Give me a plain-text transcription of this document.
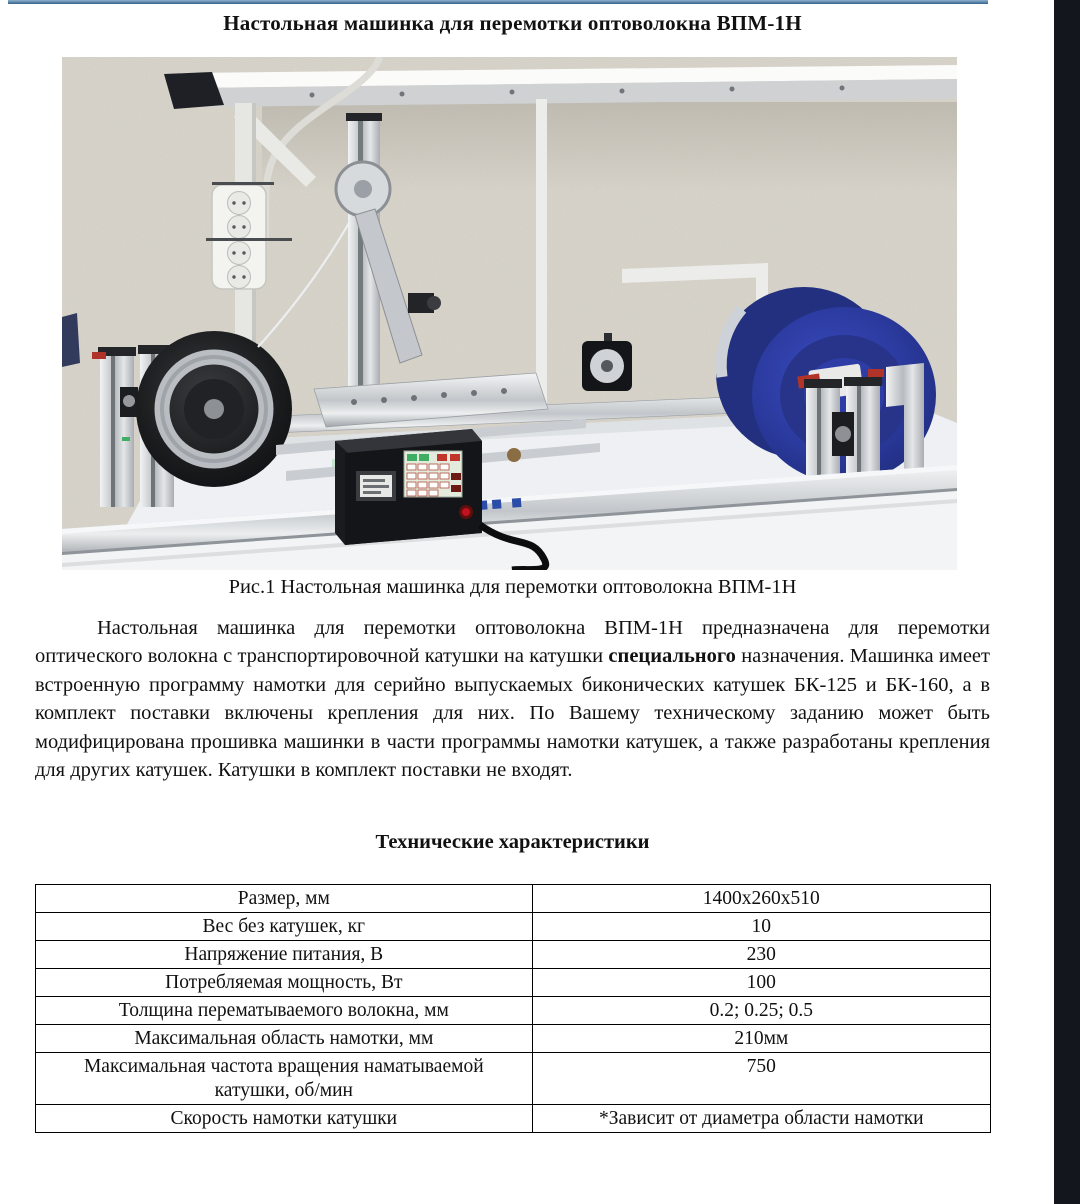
Настольная машинка для перемотки оптоволокна ВПМ-1Н
Рис.1 Настольная машинка для перемотки оптоволокна ВПМ-1Н

Настольная машинка для перемотки оптоволокна ВПМ-1Н предназначена для перемотки оптического волокна с транспортировочной катушки на катушки специального назначения. Машинка имеет встроенную программу намотки для серийно выпускаемых биконических катушек БК-125 и БК-160, а в комплект поставки включены крепления для них. По Вашему техническому заданию может быть модифицирована прошивка машинки в части программы намотки катушек, а также разработаны крепления для других катушек. Катушки в комплект поставки не входят.

Технические характеристики
Размер, мм	1400x260x510
Вес без катушек, кг	10
Напряжение питания, В	230
Потребляемая мощность, Вт	100
Толщина перематываемого волокна, мм	0.2; 0.25; 0.5
Максимальная область намотки, мм	210мм
Максимальная частота вращения наматываемой катушки, об/мин	750
Скорость намотки катушки	*Зависит от диаметра области намотки
